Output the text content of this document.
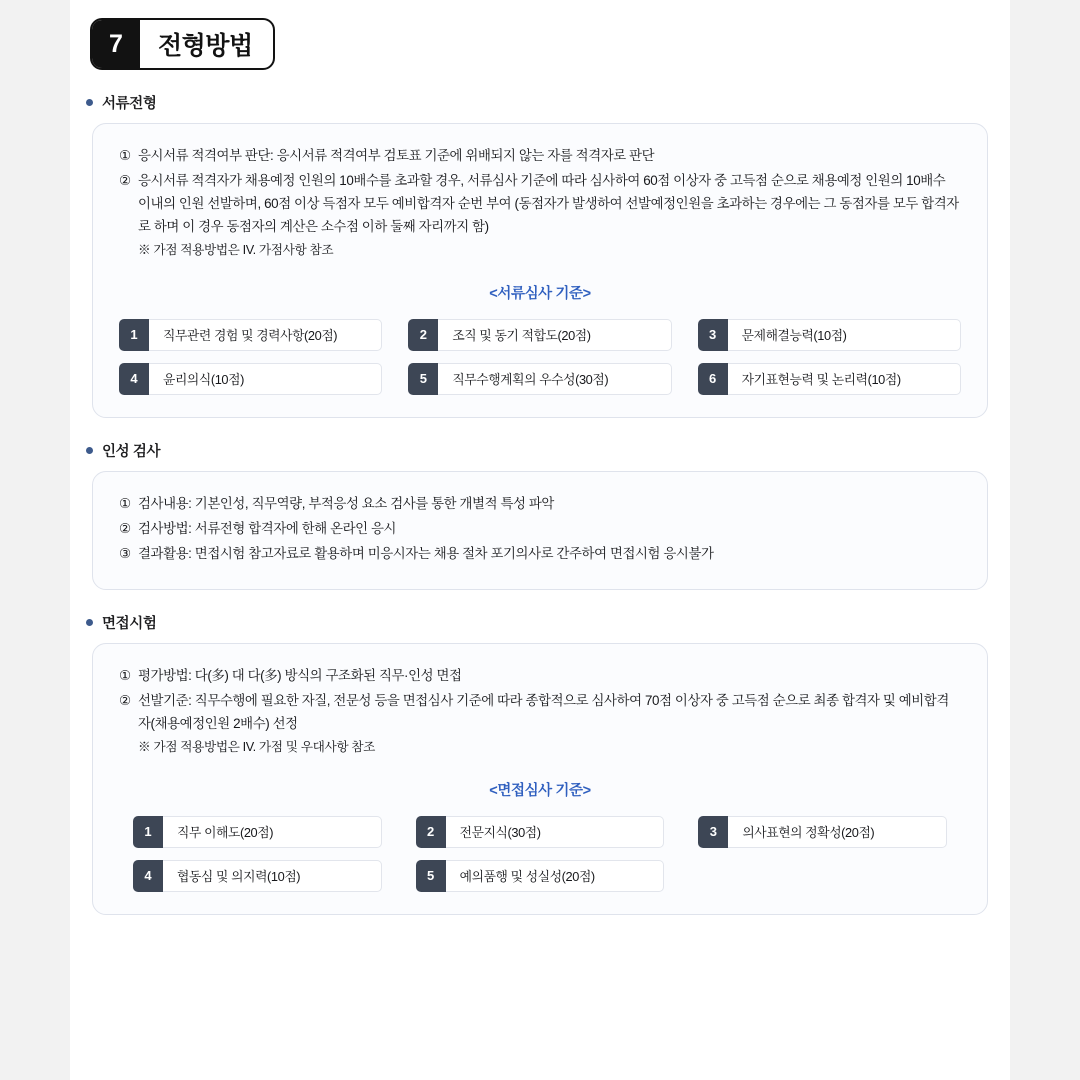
7	전형방법
서류전형
① 응시서류 적격여부 판단: 응시서류 적격여부 검토표 기준에 위배되지 않는 자를 적격자로 판단
② 응시서류 적격자가 채용예정 인원의 10배수를 초과할 경우, 서류심사 기준에 따라 심사하여 60점 이상자 중 고득점 순으로 채용예정 인원의 10배수 이내의 인원 선발하며, 60점 이상 득점자 모두 예비합격자 순번 부여 (동점자가 발생하여 선발예정인원을 초과하는 경우에는 그 동점자를 모두 합격자로 하며 이 경우 동점자의 계산은 소수점 이하 둘째 자리까지 함)
※ 가점 적용방법은 IV. 가점사항 참조
<서류심사 기준>
1	직무관련 경험 및 경력사항(20점)	2	조직 및 동기 적합도(20점)	3	문제해결능력(10점)
4	윤리의식(10점)	5	직무수행계획의 우수성(30점)	6	자기표현능력 및 논리력(10점)
인성 검사
① 검사내용: 기본인성, 직무역량, 부적응성 요소 검사를 통한 개별적 특성 파악
② 검사방법: 서류전형 합격자에 한해 온라인 응시
③ 결과활용: 면접시험 참고자료로 활용하며 미응시자는 채용 절차 포기의사로 간주하여 면접시험 응시불가
면접시험
① 평가방법: 다(多) 대 다(多) 방식의 구조화된 직무·인성 면접
② 선발기준: 직무수행에 필요한 자질, 전문성 등을 면접심사 기준에 따라 종합적으로 심사하여 70점 이상자 중 고득점 순으로 최종 합격자 및 예비합격자(채용예정인원 2배수) 선정
※ 가점 적용방법은 IV. 가점 및 우대사항 참조
<면접심사 기준>
1	직무 이해도(20점)	2	전문지식(30점)	3	의사표현의 정확성(20점)
4	협동심 및 의지력(10점)	5	예의품행 및 성실성(20점)
